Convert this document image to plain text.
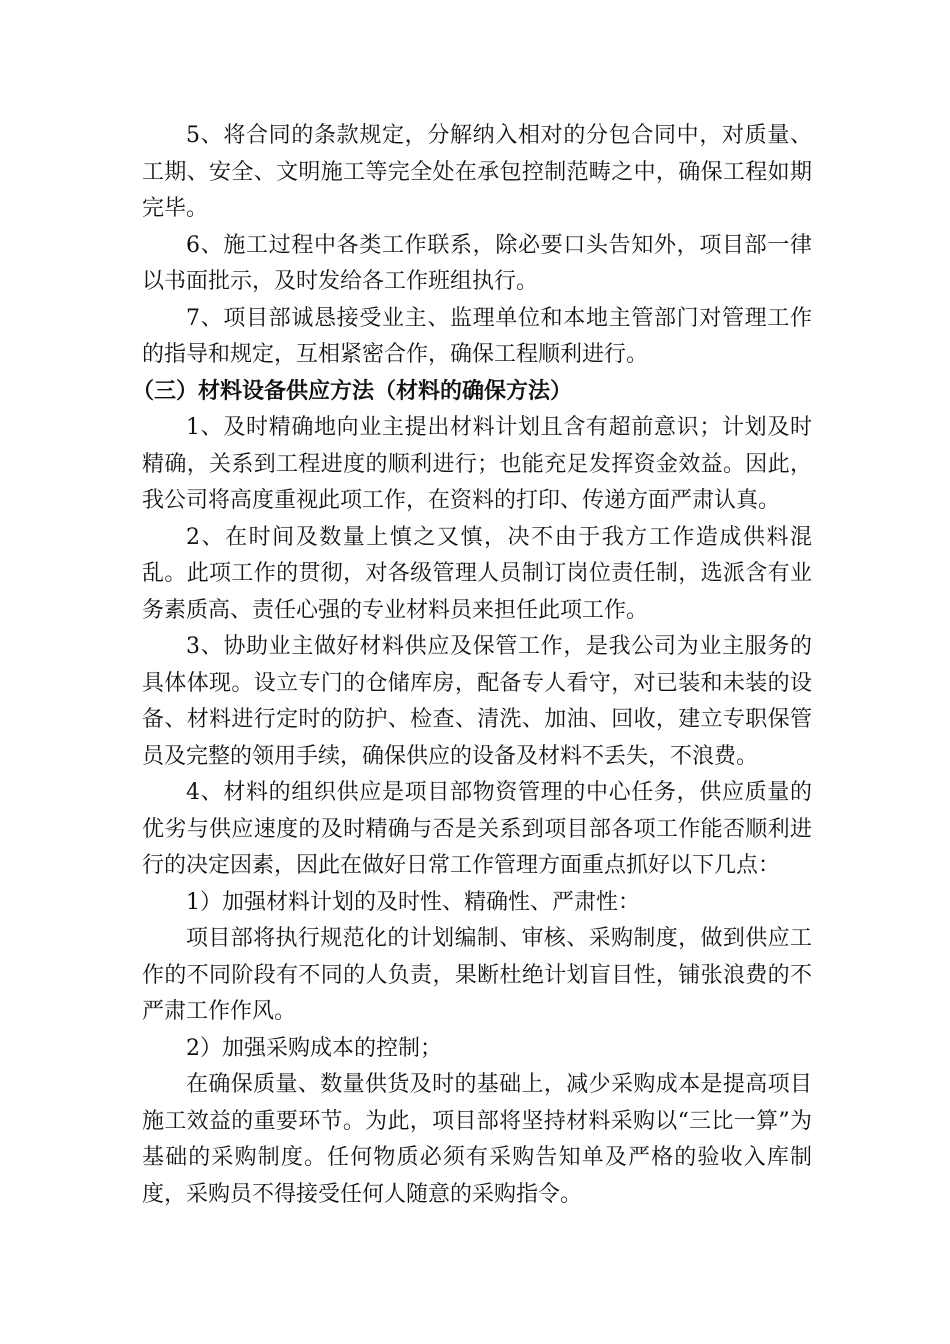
5、将合同的条款规定，分解纳入相对的分包合同中，对质量、工期、安全、文明施工等完全处在承包控制范畴之中，确保工程如期完毕。

6、施工过程中各类工作联系，除必要口头告知外，项目部一律以书面批示，及时发给各工作班组执行。

7、项目部诚恳接受业主、监理单位和本地主管部门对管理工作的指导和规定，互相紧密合作，确保工程顺利进行。

（三）材料设备供应方法（材料的确保方法）

1、及时精确地向业主提出材料计划且含有超前意识；计划及时精确，关系到工程进度的顺利进行；也能充足发挥资金效益。因此，我公司将高度重视此项工作，在资料的打印、传递方面严肃认真。

2、在时间及数量上慎之又慎，决不由于我方工作造成供料混乱。此项工作的贯彻，对各级管理人员制订岗位责任制，选派含有业务素质高、责任心强的专业材料员来担任此项工作。

3、协助业主做好材料供应及保管工作，是我公司为业主服务的具体体现。设立专门的仓储库房，配备专人看守，对已装和未装的设备、材料进行定时的防护、检查、清洗、加油、回收，建立专职保管员及完整的领用手续，确保供应的设备及材料不丢失，不浪费。

4、材料的组织供应是项目部物资管理的中心任务，供应质量的优劣与供应速度的及时精确与否是关系到项目部各项工作能否顺利进行的决定因素，因此在做好日常工作管理方面重点抓好以下几点：

1）加强材料计划的及时性、精确性、严肃性：

项目部将执行规范化的计划编制、审核、采购制度，做到供应工作的不同阶段有不同的人负责，果断杜绝计划盲目性，铺张浪费的不严肃工作作风。

2）加强采购成本的控制；

在确保质量、数量供货及时的基础上，减少采购成本是提高项目施工效益的重要环节。为此，项目部将坚持材料采购以“三比一算”为基础的采购制度。任何物质必须有采购告知单及严格的验收入库制度，采购员不得接受任何人随意的采购指令。
